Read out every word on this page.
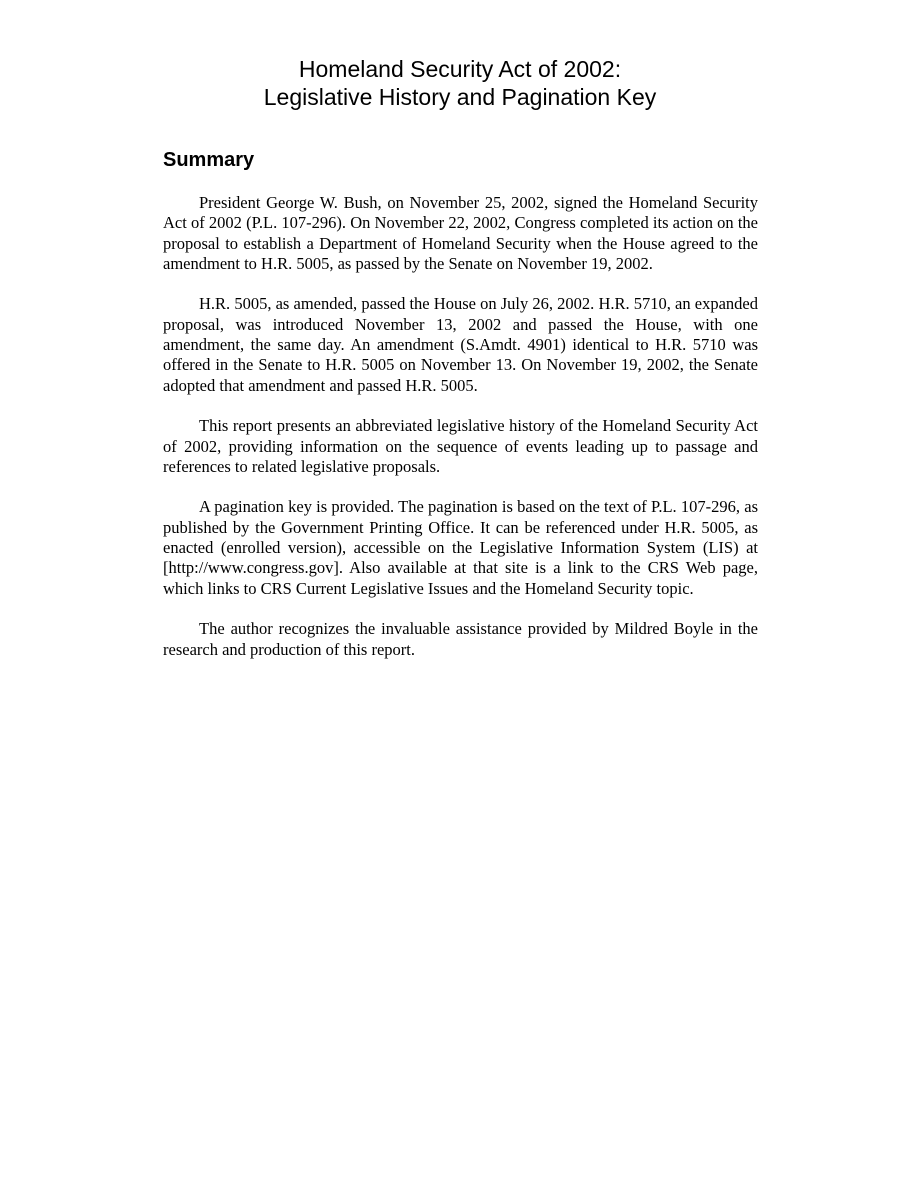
Homeland Security Act of 2002:
Legislative History and Pagination Key
Summary

President George W. Bush, on November 25, 2002, signed the Homeland Security Act of 2002 (P.L. 107-296). On November 22, 2002, Congress completed its action on the proposal to establish a Department of Homeland Security when the House agreed to the amendment to H.R. 5005, as passed by the Senate on November 19, 2002.

H.R. 5005, as amended, passed the House on July 26, 2002. H.R. 5710, an expanded proposal, was introduced November 13, 2002 and passed the House, with one amendment, the same day. An amendment (S.Amdt. 4901) identical to H.R. 5710 was offered in the Senate to H.R. 5005 on November 13. On November 19, 2002, the Senate adopted that amendment and passed H.R. 5005.

This report presents an abbreviated legislative history of the Homeland Security Act of 2002, providing information on the sequence of events leading up to passage and references to related legislative proposals.

A pagination key is provided. The pagination is based on the text of P.L. 107-296, as published by the Government Printing Office. It can be referenced under H.R. 5005, as enacted (enrolled version), accessible on the Legislative Information System (LIS) at [http://www.congress.gov]. Also available at that site is a link to the CRS Web page, which links to CRS Current Legislative Issues and the Homeland Security topic.

The author recognizes the invaluable assistance provided by Mildred Boyle in the research and production of this report.
